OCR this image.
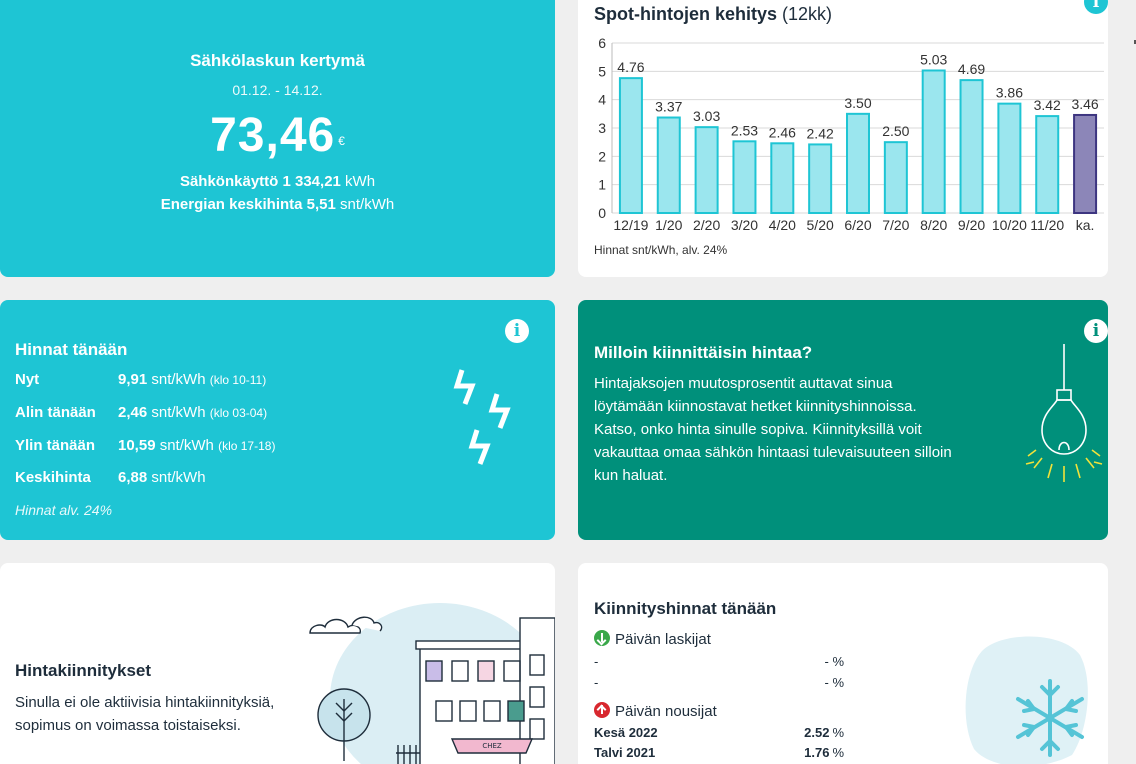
Sähkölaskun kertymä
01.12. - 14.12.
73,46 €
Sähkönkäyttö 1 334,21 kWh
Energian keskihinta 5,51 snt/kWh
Spot-hintojen kehitys (12kk)
0
1
2
3
4
5
6
4.76
12/19
3.37
1/20
3.03
2/20
2.53
3/20
2.46
4/20
2.42
5/20
3.50
6/20
2.50
7/20
5.03
8/20
4.69
9/20
3.86
10/20
3.42
11/20
3.46
ka.
Hinnat snt/kWh, alv. 24%
i
Hinnat tänään
Nyt	9,91 snt/kWh (klo 10-11)
Alin tänään 2,46 snt/kWh (klo 03-04)
Ylin tänään 10,59 snt/kWh (klo 17-18)
Keskihinta 6,88 snt/kWh
Hinnat alv. 24%
i
Milloin kiinnittäisin hintaa?
Hintajaksojen muutosprosentit auttavat sinua löytämään kiinnostavat hetket kiinnityshinnoissa. Katso, onko hinta sinulle sopiva. Kiinnityksillä voit vakauttaa omaa sähkön hintaasi tulevaisuuteen silloin kun haluat.
i
Hintakiinnitykset
Sinulla ei ole aktiivisia hintakiinnityksiä, sopimus on voimassa toistaiseksi.
CHEZ
Kiinnityshinnat tänään
Päivän laskijat
-	- %
-	- %
Päivän nousijat
Kesä 2022	2.52 %
Talvi 2021	1.76 %
